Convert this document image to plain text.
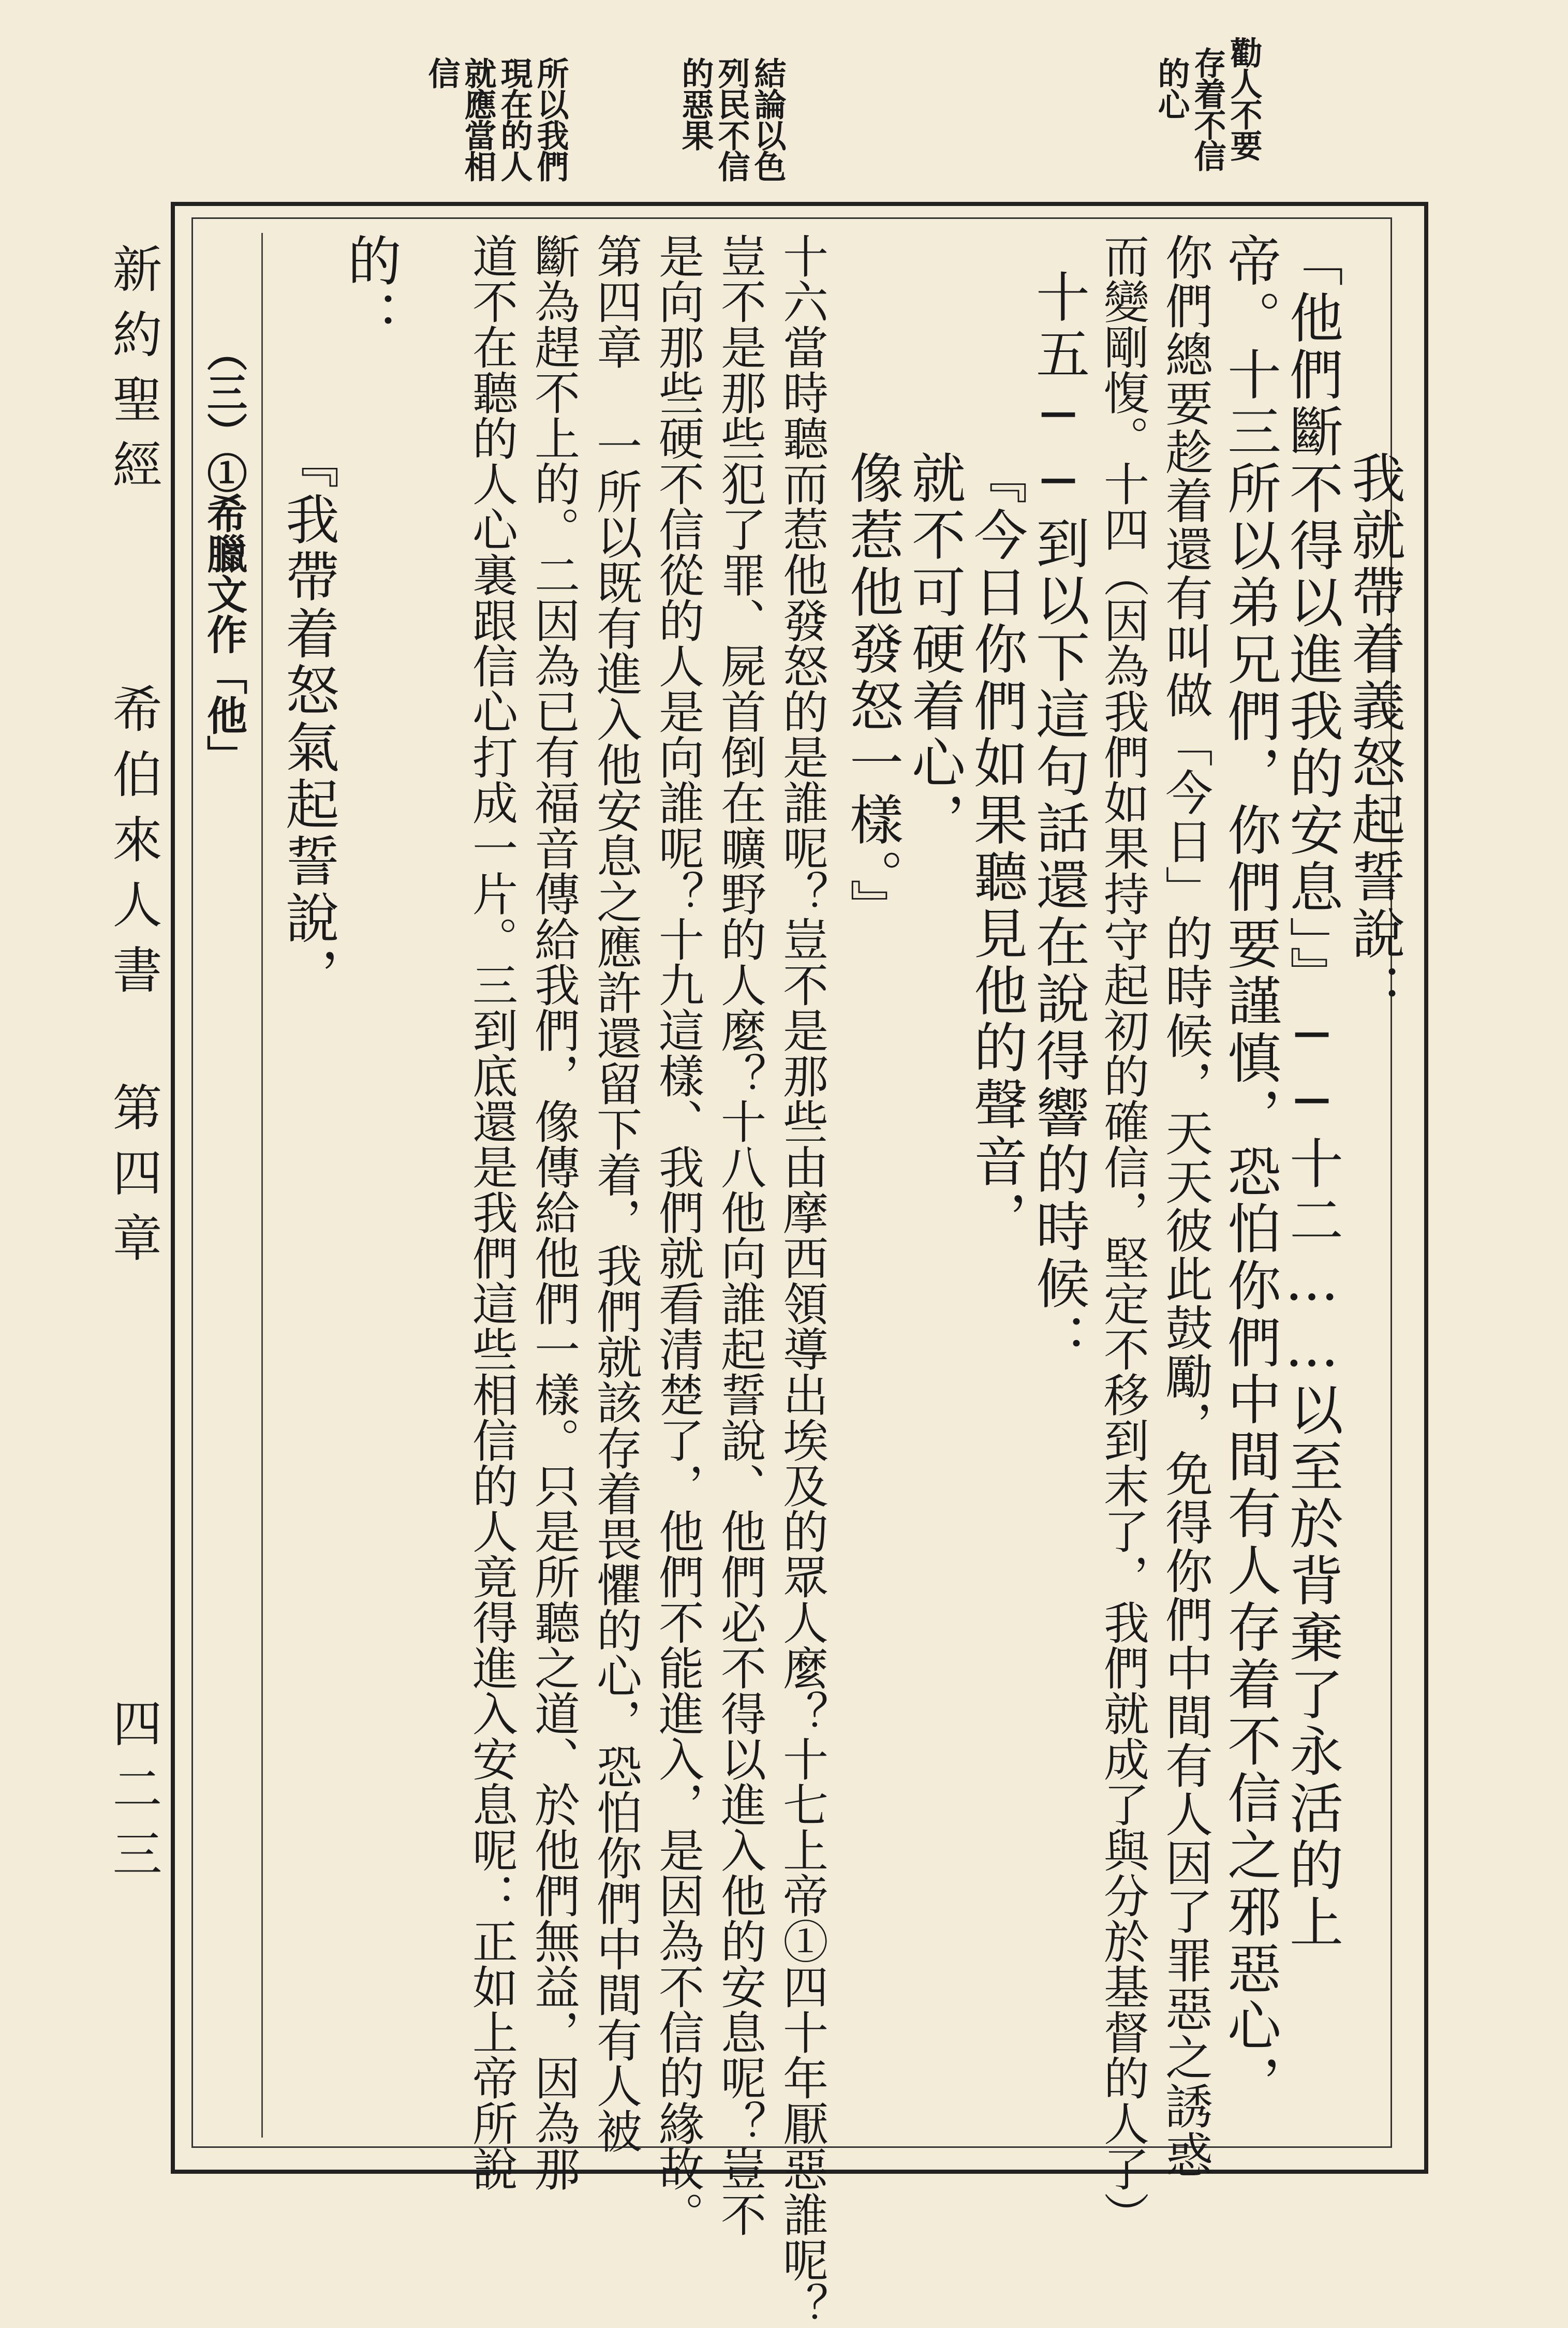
新約聖經
希伯來人書
第四章
四二三
勸人不要
存着不信
的心
結論以色
列民不信
的惡果
所以我們
現在的人
就應當相
信
我就帶着義怒起誓說：
「他們斷不得以進我的安息」』──十二……以至於背棄了永活的上
帝。十三所以弟兄們，你們要謹慎，恐怕你們中間有人存着不信之邪惡心，
你們總要趁着還有叫做「今日」的時候，天天彼此鼓勵，免得你們中間有人因了罪惡之誘惑
而變剛愎。十四（因為我們如果持守起初的確信，堅定不移到末了，我們就成了與分於基督的人了）
十五──到以下這句話還在說得響的時候：
『今日你們如果聽見他的聲音，
就不可硬着心，
像惹他發怒一樣。』
十六當時聽而惹他發怒的是誰呢？豈不是那些由摩西領導出埃及的眾人麼？十七上帝①四十年厭惡誰呢？
豈不是那些犯了罪、屍首倒在曠野的人麼？十八他向誰起誓說、他們必不得以進入他的安息呢？豈不
是向那些硬不信從的人是向誰呢？十九這樣、我們就看清楚了，他們不能進入，是因為不信的緣故。
第四章 一所以既有進入他安息之應許還留下着，我們就該存着畏懼的心，恐怕你們中間有人被
斷為趕不上的。二因為已有福音傳給我們，像傳給他們一樣。只是所聽之道、於他們無益，因為那
道不在聽的人心裏跟信心打成一片。三到底還是我們這些相信的人竟得進入安息呢：正如上帝所說
的：
『我帶着怒氣起誓說，
（三）①希臘文作「他」
